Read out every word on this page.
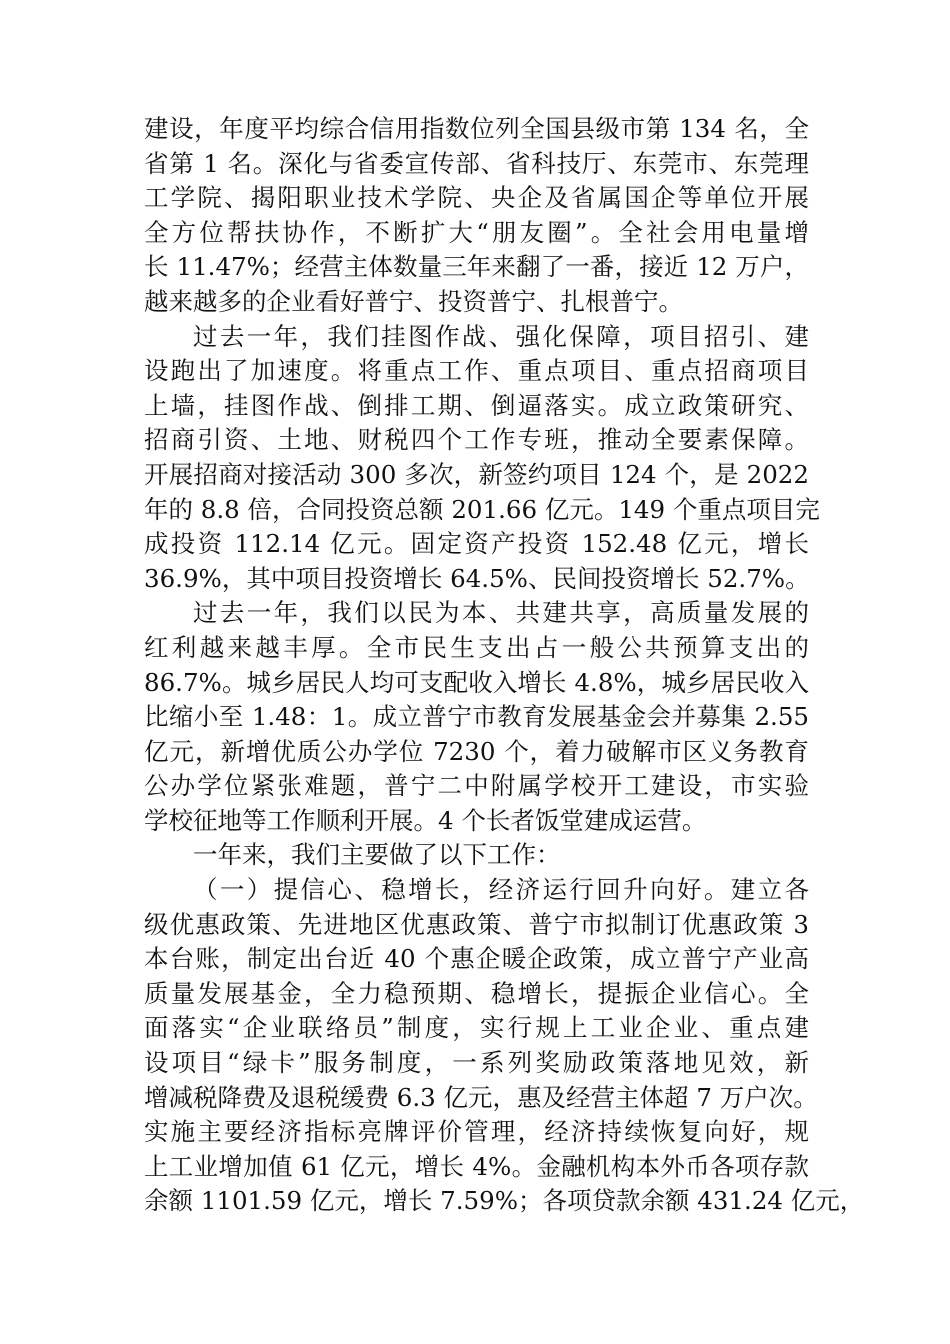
建设，年度平均综合信用指数位列全国县级市第 134 名，全
省第 1 名。深化与省委宣传部、省科技厅、东莞市、东莞理
工学院、揭阳职业技术学院、央企及省属国企等单位开展
全方位帮扶协作，不断扩大“朋友圈”。全社会用电量增
长 11.47%；经营主体数量三年来翻了一番，接近 12 万户，
越来越多的企业看好普宁、投资普宁、扎根普宁。
过去一年，我们挂图作战、强化保障，项目招引、建
设跑出了加速度。将重点工作、重点项目、重点招商项目
上墙，挂图作战、倒排工期、倒逼落实。成立政策研究、
招商引资、土地、财税四个工作专班，推动全要素保障。
开展招商对接活动 300 多次，新签约项目 124 个，是 2022
年的 8.8 倍，合同投资总额 201.66 亿元。149 个重点项目完
成投资 112.14 亿元。固定资产投资 152.48 亿元，增长
36.9%，其中项目投资增长 64.5%、民间投资增长 52.7%。
过去一年，我们以民为本、共建共享，高质量发展的
红利越来越丰厚。全市民生支出占一般公共预算支出的
86.7%。城乡居民人均可支配收入增长 4.8%，城乡居民收入
比缩小至 1.48：1。成立普宁市教育发展基金会并募集 2.55
亿元，新增优质公办学位 7230 个，着力破解市区义务教育
公办学位紧张难题，普宁二中附属学校开工建设，市实验
学校征地等工作顺利开展。4 个长者饭堂建成运营。
一年来，我们主要做了以下工作：
（一）提信心、稳增长，经济运行回升向好。建立各
级优惠政策、先进地区优惠政策、普宁市拟制订优惠政策 3
本台账，制定出台近 40 个惠企暖企政策，成立普宁产业高
质量发展基金，全力稳预期、稳增长，提振企业信心。全
面落实“企业联络员”制度，实行规上工业企业、重点建
设项目“绿卡”服务制度，一系列奖励政策落地见效，新
增减税降费及退税缓费 6.3 亿元，惠及经营主体超 7 万户次。
实施主要经济指标亮牌评价管理，经济持续恢复向好，规
上工业增加值 61 亿元，增长 4%。金融机构本外币各项存款
余额 1101.59 亿元，增长 7.59%；各项贷款余额 431.24 亿元，
